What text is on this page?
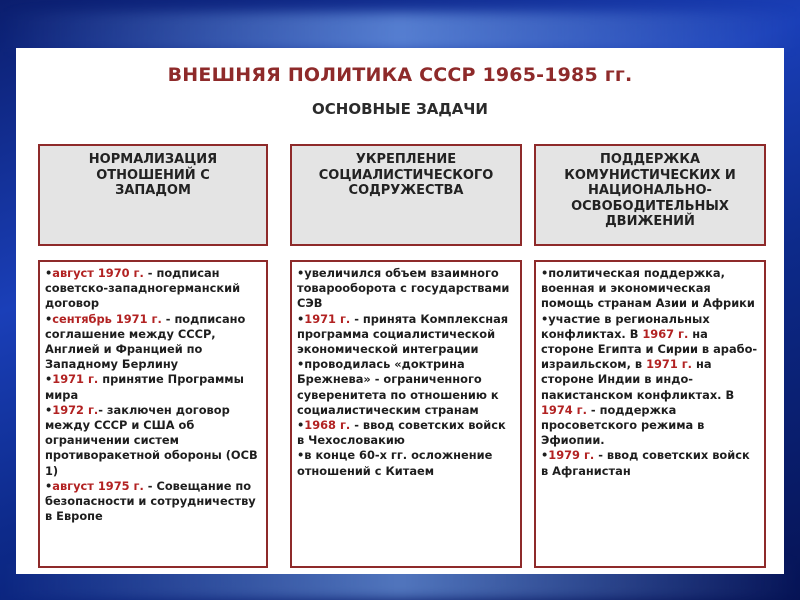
ВНЕШНЯЯ ПОЛИТИКА СССР 1965-1985 гг.
ОСНОВНЫЕ ЗАДАЧИ
НОРМАЛИЗАЦИЯ
ОТНОШЕНИЙ С
ЗАПАДОМ
УКРЕПЛЕНИЕ
СОЦИАЛИСТИЧЕСКОГО
СОДРУЖЕСТВА
ПОДДЕРЖКА
КОМУНИСТИЧЕСКИХ И
НАЦИОНАЛЬНО-
ОСВОБОДИТЕЛЬНЫХ
ДВИЖЕНИЙ

•август 1970 г. - подписан советско-западногерманский договор

•сентябрь 1971 г. - подписано соглашение между СССР, Англией и Францией по Западному Берлину

•1971 г. принятие Программы мира

•1972 г.- заключен договор между СССР и США об ограничении систем противоракетной обороны (ОСВ 1)

•август 1975 г. - Совещание по безопасности и сотрудничеству в Европе

•увеличился объем взаимного товарооборота с государствами СЭВ

•1971 г. - принята Комплексная программа социалистической экономической интеграции

•проводилась «доктрина Брежнева» - ограниченного суверенитета по отношению к социалистическим странам

•1968 г. - ввод советских войск в Чехословакию

•в конце 60-х гг. осложнение отношений с Китаем

•политическая поддержка, военная и экономическая помощь странам Азии и Африки

•участие в региональных конфликтах. В 1967 г. на стороне Египта и Сирии в арабо-израильском, в 1971 г. на стороне Индии в индо-пакистанском конфликтах. В 1974 г. - поддержка просоветского режима в Эфиопии.

•1979 г. - ввод советских войск в Афганистан
